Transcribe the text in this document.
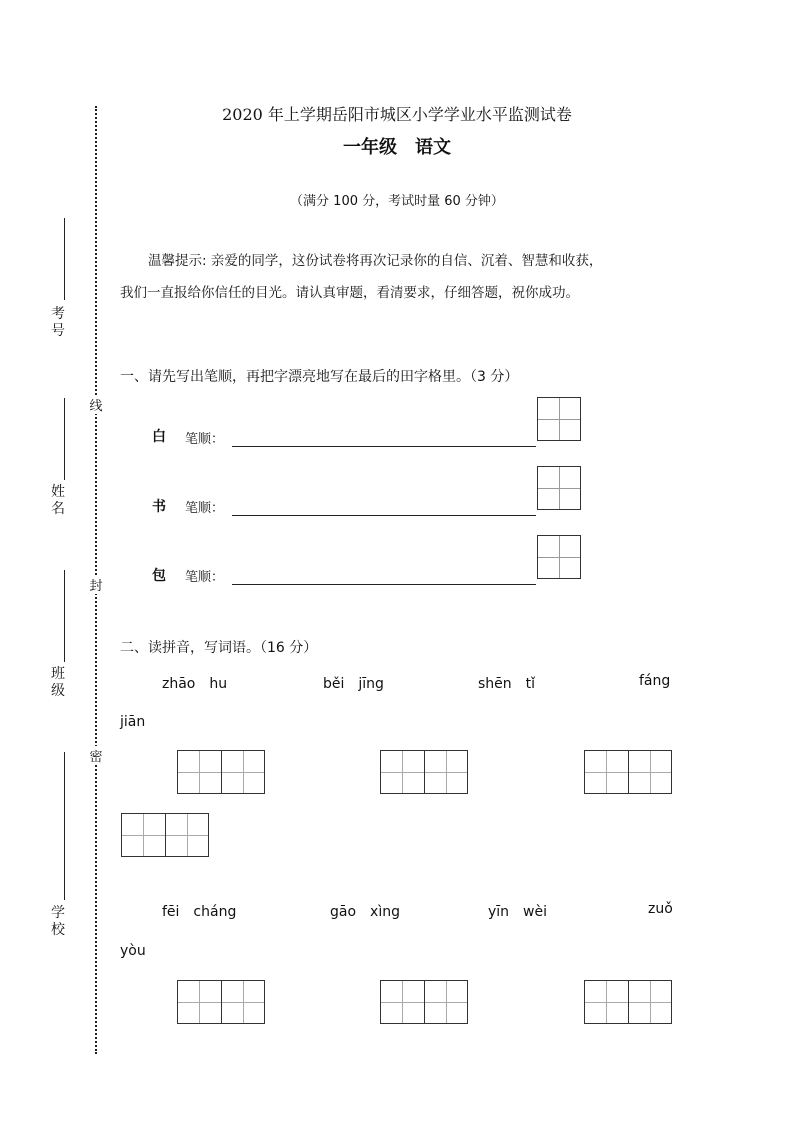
线
封
密
考号
姓名
班级
学校
2020 年上学期岳阳市城区小学学业水平监测试卷
一年级　语文
（满分 100 分，考试时量 60 分钟）
温馨提示: 亲爱的同学，这份试卷将再次记录你的自信、沉着、智慧和收获，
我们一直报给你信任的目光。请认真审题，看清要求，仔细答题，祝你成功。
一、请先写出笔顺，再把字漂亮地写在最后的田字格里。（3 分）
白 笔顺：
书 笔顺：
包 笔顺：
二、读拼音，写词语。（16 分）
zhāo　hu	běi　jīng	shēn　tǐ	fáng
jiān
fēi　cháng	gāo　xìng	yīn　wèi	zuǒ
yòu
